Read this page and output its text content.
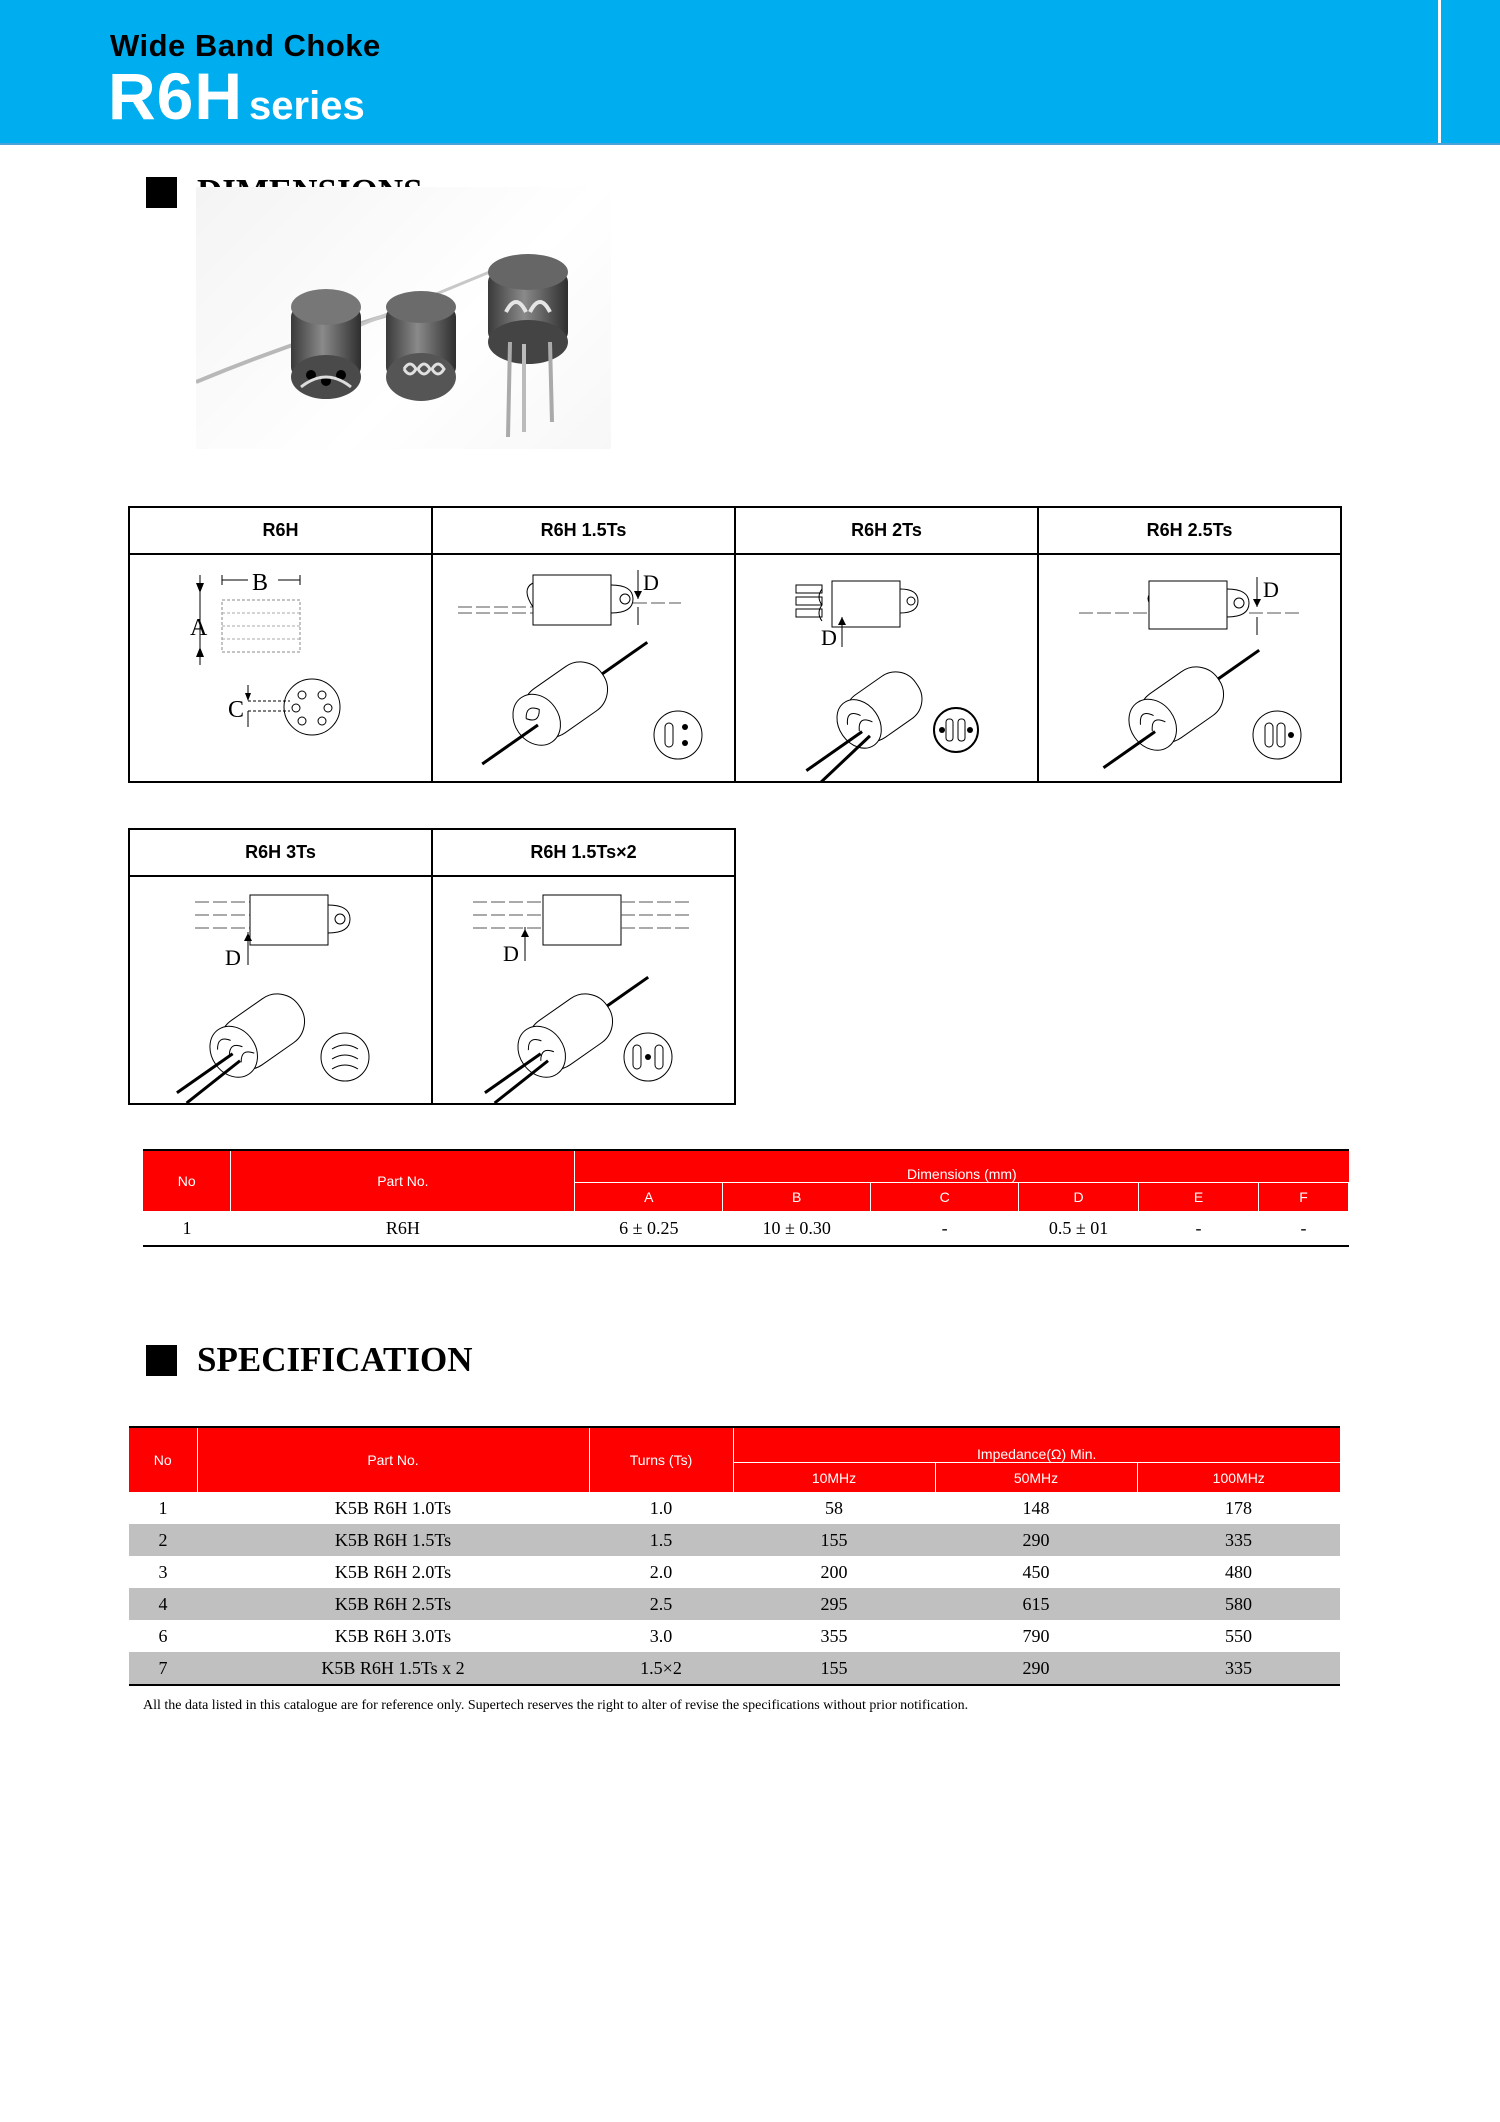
Wide Band Choke
R6H series
R6H	R6H 1.5Ts	R6H 2Ts	R6H 2.5Ts

A
B
C	D	D	D
R6H 3Ts	R6H 1.5Ts×2

D	D
No	Part No.	Dimensions (mm)					
		A	B	C	D	E	F
1	R6H	6 ± 0.25	10 ± 0.30	-	0.5 ± 01	-	-
SPECIFICATION
No	Part No.	Turns (Ts)	Impedance(Ω) Min.		
			10MHz	50MHz	100MHz
1	K5B R6H 1.0Ts	1.0	58	148	178
2	K5B R6H 1.5Ts	1.5	155	290	335
3	K5B R6H 2.0Ts	2.0	200	450	480
4	K5B R6H 2.5Ts	2.5	295	615	580
6	K5B R6H 3.0Ts	3.0	355	790	550
7	K5B R6H 1.5Ts x 2	1.5×2	155	290	335
All the data listed in this catalogue are for reference only. Supertech reserves the right to alter of revise the specifications without prior notification.
